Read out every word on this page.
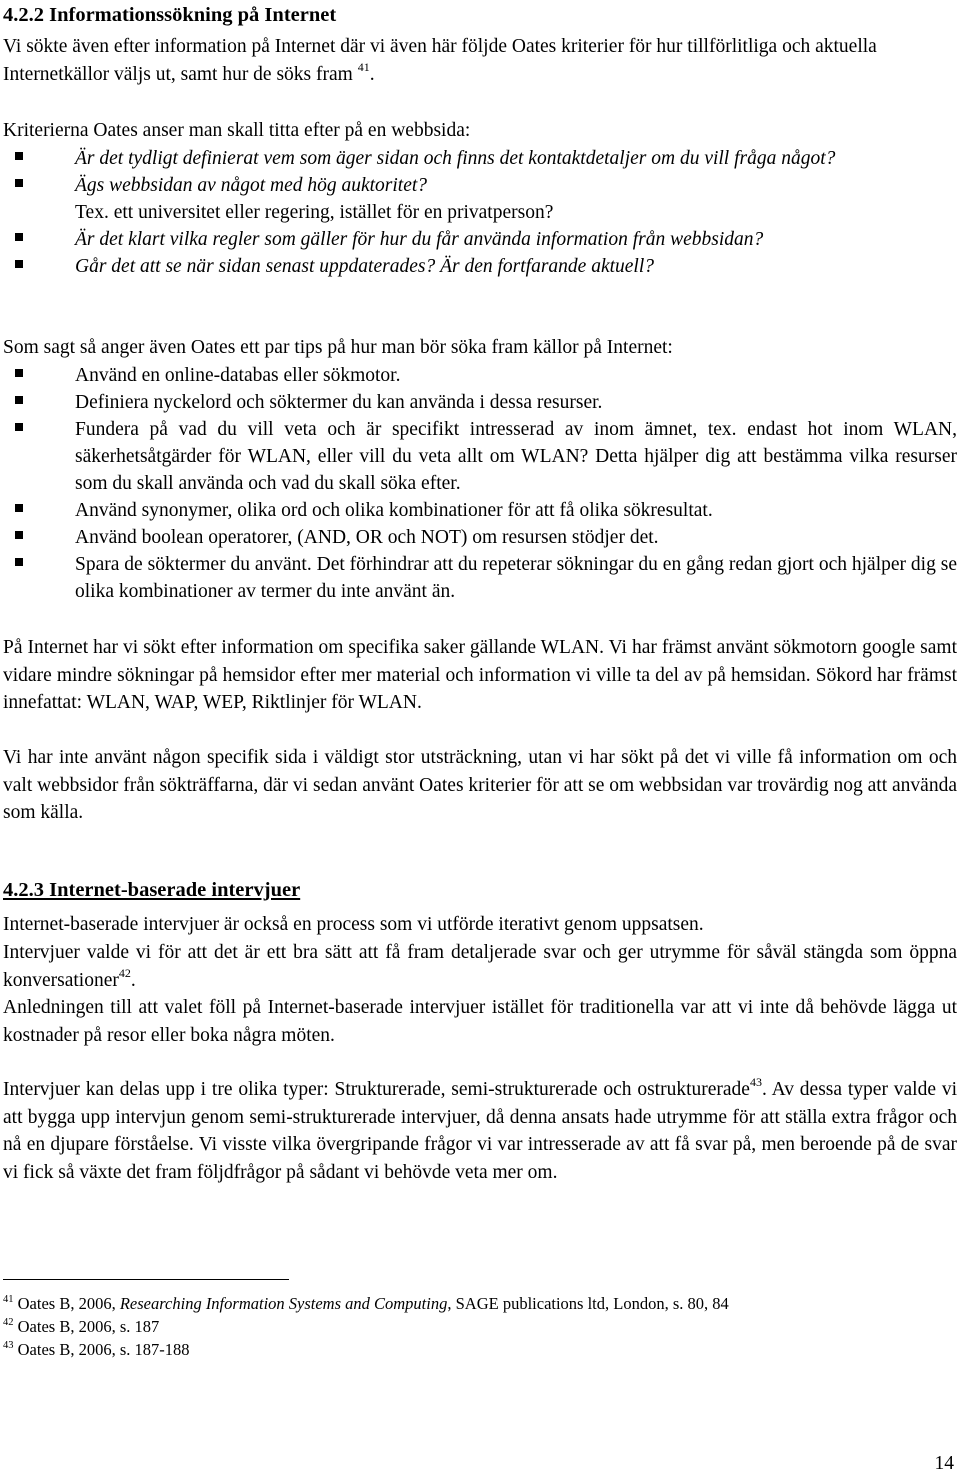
4.2.2 Informationssökning på Internet

Vi sökte även efter information på Internet där vi även här följde Oates kriterier för hur tillförlitliga och aktuella Internetkällor väljs ut, samt hur de söks fram $^{41}$.

Kriterierna Oates anser man skall titta efter på en webbsida:
Är det tydligt definierat vem som äger sidan och finns det kontaktdetaljer om du vill fråga något?
Ägs webbsidan av något med hög auktoritet?
Tex. ett universitet eller regering, istället för en privatperson?
Är det klart vilka regler som gäller för hur du får använda information från webbsidan?
Går det att se när sidan senast uppdaterades? Är den fortfarande aktuell?
Som sagt så anger även Oates ett par tips på hur man bör söka fram källor på Internet:
Använd en online-databas eller sökmotor.
Definiera nyckelord och söktermer du kan använda i dessa resurser.
Fundera på vad du vill veta och är specifikt intresserad av inom ämnet, tex. endast hot inom WLAN, säkerhetsåtgärder för WLAN, eller vill du veta allt om WLAN? Detta hjälper dig att bestämma vilka resurser som du skall använda och vad du skall söka efter.
Använd synonymer, olika ord och olika kombinationer för att få olika sökresultat.
Använd boolean operatorer, (AND, OR och NOT) om resursen stödjer det.
Spara de söktermer du använt. Det förhindrar att du repeterar sökningar du en gång redan gjort och hjälper dig se olika kombinationer av termer du inte använt än.

På Internet har vi sökt efter information om specifika saker gällande WLAN. Vi har främst använt sökmotorn google samt vidare mindre sökningar på hemsidor efter mer material och information vi ville ta del av på hemsidan. Sökord har främst innefattat: WLAN, WAP, WEP, Riktlinjer för WLAN.

Vi har inte använt någon specifik sida i väldigt stor utsträckning, utan vi har sökt på det vi ville få information om och valt webbsidor från sökträffarna, där vi sedan använt Oates kriterier för att se om webbsidan var trovärdig nog att använda som källa.

4.2.3 Internet-baserade intervjuer

Internet-baserade intervjuer är också en process som vi utförde iterativt genom uppsatsen.

Intervjuer valde vi för att det är ett bra sätt att få fram detaljerade svar och ger utrymme för såväl stängda som öppna konversationer$^{42}$.

Anledningen till att valet föll på Internet-baserade intervjuer istället för traditionella var att vi inte då behövde lägga ut kostnader på resor eller boka några möten.

Intervjuer kan delas upp i tre olika typer: Strukturerade, semi-strukturerade och ostrukturerade$^{43}$. Av dessa typer valde vi att bygga upp intervjun genom semi-strukturerade intervjuer, då denna ansats hade utrymme för att ställa extra frågor och nå en djupare förståelse. Vi visste vilka övergripande frågor vi var intresserade av att få svar på, men beroende på de svar vi fick så växte det fram följdfrågor på sådant vi behövde veta mer om.

$^{41}$ Oates B, 2006, Researching Information Systems and Computing, SAGE publications ltd, London, s. 80, 84

$^{42}$ Oates B, 2006, s. 187

$^{43}$ Oates B, 2006, s. 187-188

14
